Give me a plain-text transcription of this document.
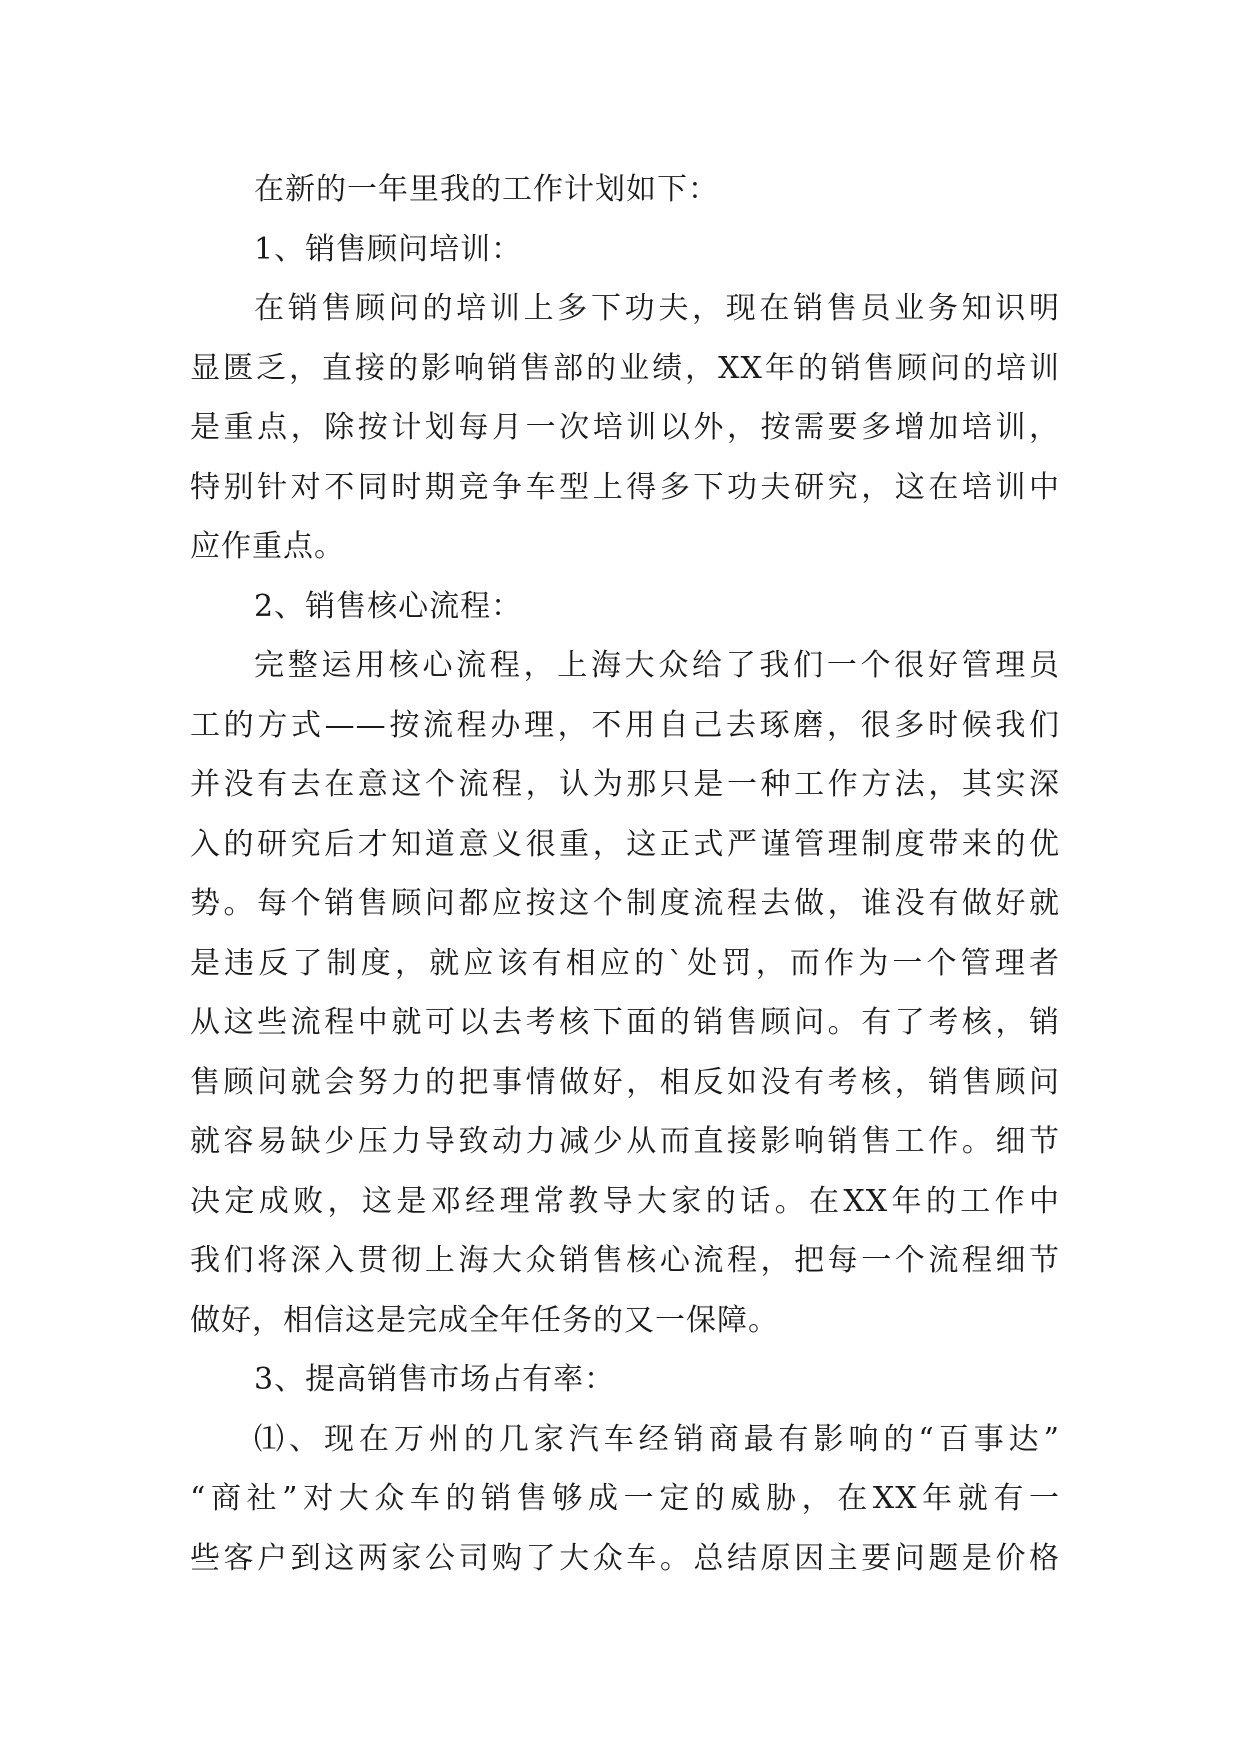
在新的一年里我的工作计划如下：
1、销售顾问培训：
在销售顾问的培训上多下功夫，现在销售员业务知识明
显匮乏，直接的影响销售部的业绩，XX年的销售顾问的培训
是重点，除按计划每月一次培训以外，按需要多增加培训，
特别针对不同时期竞争车型上得多下功夫研究，这在培训中
应作重点。
2、销售核心流程：
完整运用核心流程，上海大众给了我们一个很好管理员
工的方式——按流程办理，不用自己去琢磨，很多时候我们
并没有去在意这个流程，认为那只是一种工作方法，其实深
入的研究后才知道意义很重，这正式严谨管理制度带来的优
势。每个销售顾问都应按这个制度流程去做，谁没有做好就
是违反了制度，就应该有相应的`处罚，而作为一个管理者
从这些流程中就可以去考核下面的销售顾问。有了考核，销
售顾问就会努力的把事情做好，相反如没有考核，销售顾问
就容易缺少压力导致动力减少从而直接影响销售工作。细节
决定成败，这是邓经理常教导大家的话。在XX年的工作中
我们将深入贯彻上海大众销售核心流程，把每一个流程细节
做好，相信这是完成全年任务的又一保障。
3、提高销售市场占有率：
⑴、现在万州的几家汽车经销商最有影响的“百事达”
“商社”对大众车的销售够成一定的威胁，在XX年就有一
些客户到这两家公司购了大众车。总结原因主要问题是价格
